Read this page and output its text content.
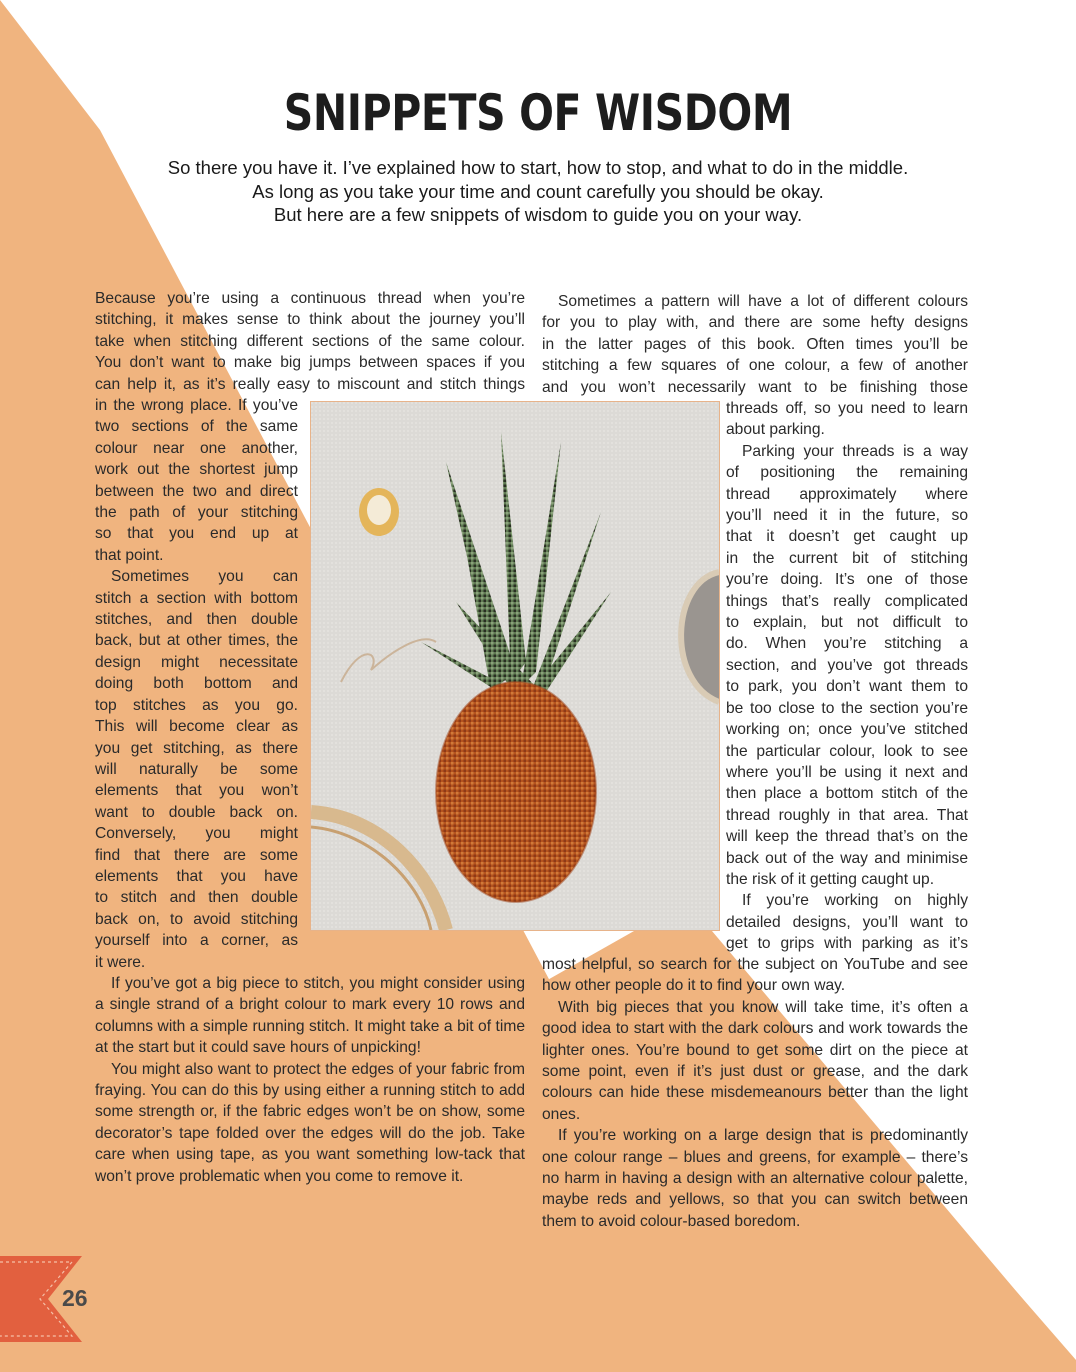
SNIPPETS OF WISDOM

So there you have it. I’ve explained how to start, how to stop, and what to do in the middle.

As long as you take your time and count carefully you should be okay.

But here are a few snippets of wisdom to guide you on your way.

Because you’re using a continuous thread when you’re
stitching, it makes sense to think about the journey you’ll
take when stitching different sections of the same colour.
You don’t want to make big jumps between spaces if you
can help it, as it’s really easy to miscount and stitch things
in the wrong place. If you’ve
two sections of the same
colour near one another,
work out the shortest jump
between the two and direct
the path of your stitching
so that you end up at
that point.
Sometimes you can
stitch a section with bottom
stitches, and then double
back, but at other times, the
design might necessitate
doing both bottom and
top stitches as you go.
This will become clear as
you get stitching, as there
will naturally be some
elements that you won’t
want to double back on.
Conversely, you might
find that there are some
elements that you have
to stitch and then double
back on, to avoid stitching
yourself into a corner, as
it were.

If you’ve got a big piece to stitch, you might consider using a single strand of a bright colour to mark every 10 rows and columns with a simple running stitch. It might take a bit of time at the start but it could save hours of unpicking!

You might also want to protect the edges of your fabric from fraying. You can do this by using either a running stitch to add some strength or, if the fabric edges won’t be on show, some decorator’s tape folded over the edges will do the job. Take care when using tape, as you want something low-tack that won’t prove problematic when you come to remove it.

Sometimes a pattern will have a lot of different colours
for you to play with, and there are some hefty designs
in the latter pages of this book. Often times you’ll be
stitching a few squares of one colour, a few of another
and you won’t necessarily want to be finishing those
threads off, so you need to learn
about parking.
Parking your threads is a way
of positioning the remaining
thread approximately where
you’ll need it in the future, so
that it doesn’t get caught up
in the current bit of stitching
you’re doing. It’s one of those
things that’s really complicated
to explain, but not difficult to
do. When you’re stitching a
section, and you’ve got threads
to park, you don’t want them to
be too close to the section you’re
working on; once you’ve stitched
the particular colour, look to see
where you’ll be using it next and
then place a bottom stitch of the
thread roughly in that area. That
will keep the thread that’s on the
back out of the way and minimise
the risk of it getting caught up.
If you’re working on highly
detailed designs, you’ll want to
get to grips with parking as it’s

most helpful, so search for the subject on YouTube and see how other people do it to find your own way.

With big pieces that you know will take time, it’s often a good idea to start with the dark colours and work towards the lighter ones. You’re bound to get some dirt on the piece at some point, even if it’s just dust or grease, and the dark colours can hide these misdemeanours better than the light ones.

If you’re working on a large design that is predominantly one colour range – blues and greens, for example – there’s no harm in having a design with an alternative colour palette, maybe reds and yellows, so that you can switch between them to avoid colour-based boredom.

26
